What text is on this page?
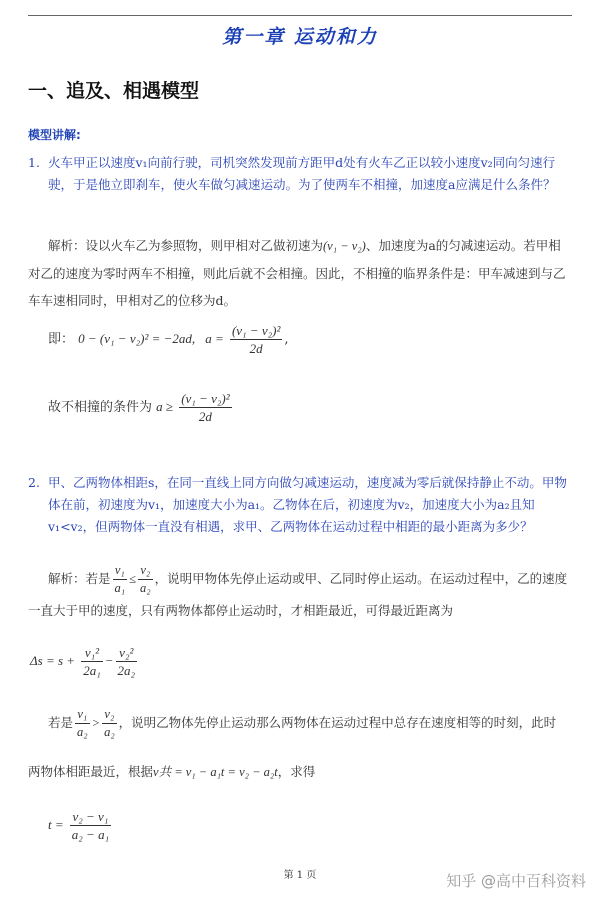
第一章 运动和力
一、追及、相遇模型
模型讲解:
1. 火车甲正以速度v₁向前行驶，司机突然发现前方距甲d处有火车乙正以较小速度v₂同向匀速行驶，于是他立即刹车，使火车做匀减速运动。为了使两车不相撞，加速度a应满足什么条件？
解析：设以火车乙为参照物，则甲相对乙做初速为(v₁ − v₂)、加速度为a的匀减速运动。若甲相对乙的速度为零时两车不相撞，则此后就不会相撞。因此，不相撞的临界条件是：甲车减速到与乙车车速相同时，甲相对乙的位移为d。
即： 0 − (v₁ − v₂)² = −2ad, $a = \frac{\text{(v₁ − v₂)²}}{2d}$ ,
故不相撞的条件为 $a \ge \frac{\text{(v₁ − v₂)²}}{2d}$
2. 甲、乙两物体相距s，在同一直线上同方向做匀减速运动，速度减为零后就保持静止不动。甲物体在前，初速度为v₁，加速度大小为a₁。乙物体在后，初速度为v₂，加速度大小为a₂且知v₁<v₂，但两物体一直没有相遇，求甲、乙两物体在运动过程中相距的最小距离为多少？
解析：若是 $\frac{\text{v₁}}{\text{a₁}} \le \frac{\text{v₂}}{\text{a₂}}$ ，说明甲物体先停止运动或甲、乙同时停止运动。在运动过程中，乙的速度一直大于甲的速度，只有两物体都停止运动时，才相距最近，可得最近距离为
$\Delta s = s + \frac{\text{v₁²}}{\text{2a₁}} - \frac{\text{v₂²}}{\text{2a₂}}$
若是 $\frac{\text{v₁}}{\text{a₂}} > \frac{\text{v₂}}{\text{a₂}}$ ，说明乙物体先停止运动那么两物体在运动过程中总存在速度相等的时刻，此时
两物体相距最近，根据v共 = v₁ − a₁t = v₂ − a₂t，求得
$t = \frac{\text{v₂ − v₁}}{\text{a₂ − a₁}}$
第 1 页	知乎 @高中百科资料
